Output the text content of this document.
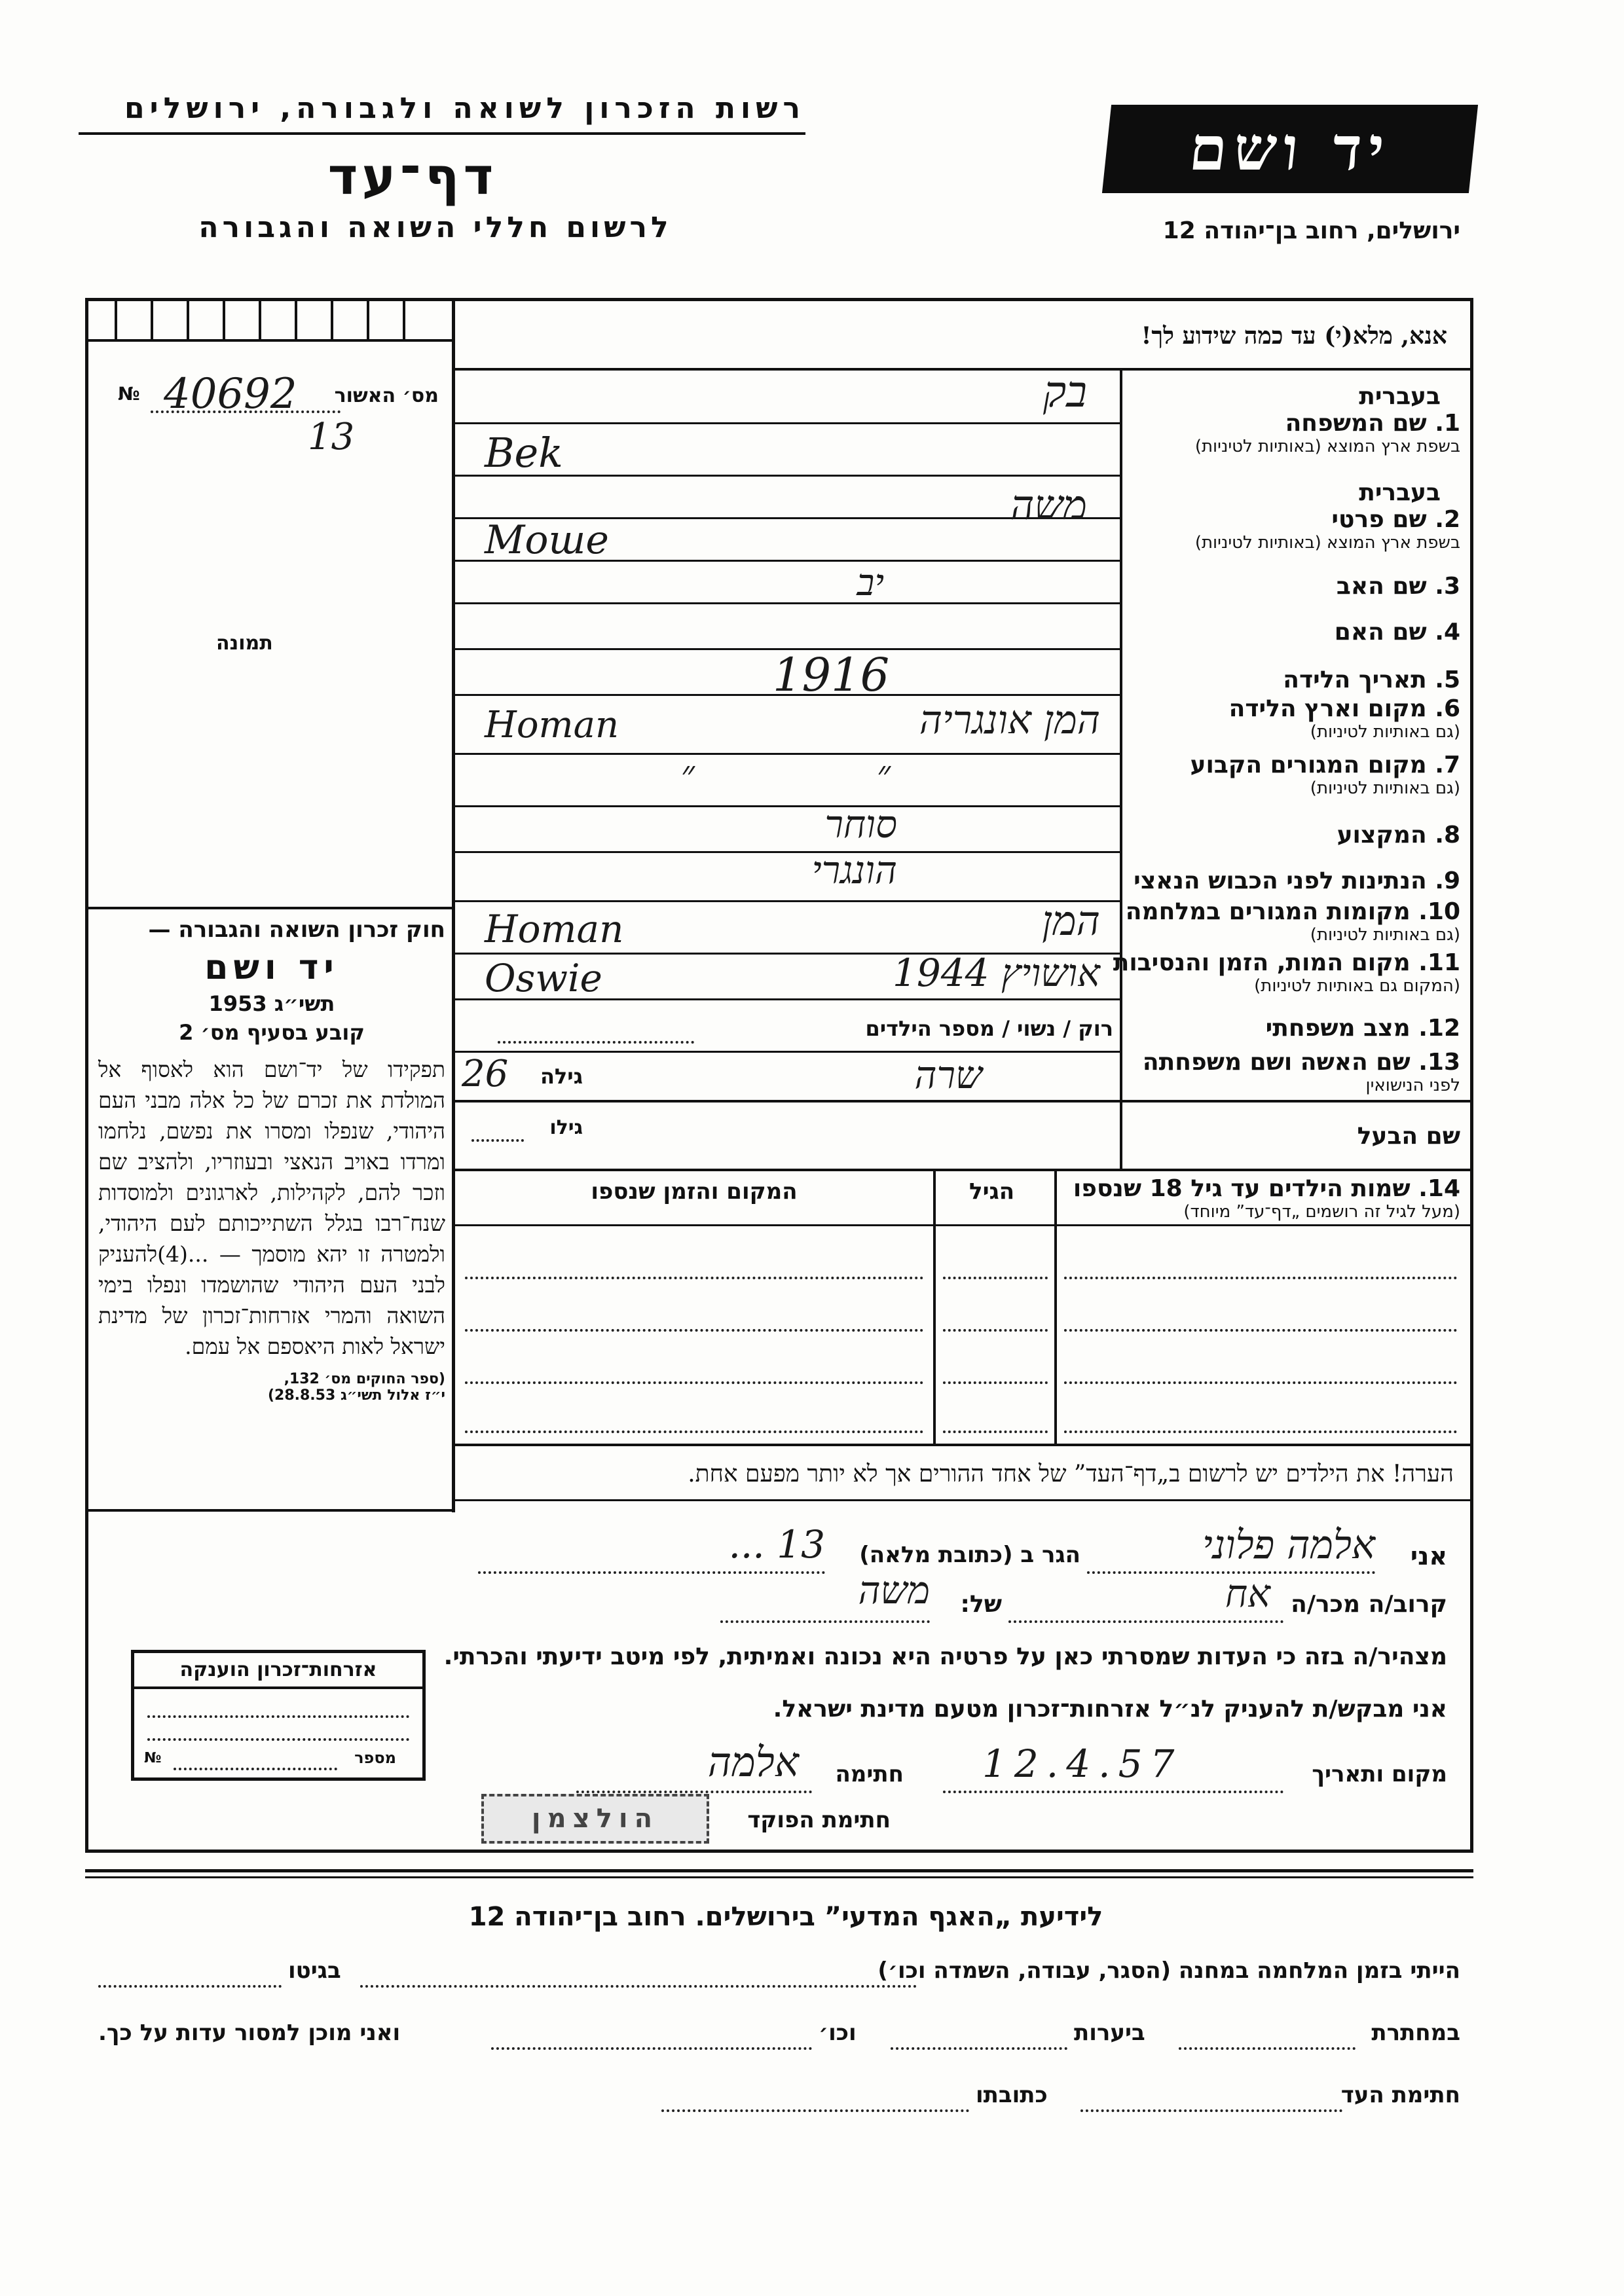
רשות הזכרון לשואה ולגבורה, ירושלים
דף־עד
לרשום חללי השואה והגבורה
יד ושם
ירושלים, רחוב בן־יהודה 12
אנא, מלא(י) עד כמה שידוע לך!
№ 40692 מס׳ האשור
13
תמונה
בעברית
1. שם המשפחה
בשפת ארץ המוצא (באותיות לטיניות)
בק
Bek
בעברית
2. שם פרטי
בשפת ארץ המוצא (באותיות לטיניות)
משה
Moше
3. שם האב
יב
4. שם האם
5. תאריך הלידה
1916
6. מקום וארץ הלידה
(גם באותיות לטיניות)
המן אונגריה
Homan
7. מקום המגורים הקבוע
(גם באותיות לטיניות)
״ ״
8. המקצוע
סוחר
9. הנתינות לפני הכבוש הנאצי
הונגרי
10. מקומות המגורים במלחמה
(גם באותיות לטיניות)
המן
Homan
11. מקום המות, הזמן והנסיבות
(המקום גם באותיות לטיניות)
אושויץ 1944
Oswie
12. מצב משפחתי
רוק / נשוי / מספר הילדים
13. שם האשה ושם משפחתה
לפני הנישואין
שרה
גילה
26
שם הבעל
גילו
14. שמות הילדים עד גיל 18 שנספו
(מעל לגיל זה רושמים „דף־עד” מיוחד)
הגיל
המקום והזמן שנספו
הערה! את הילדים יש לרשום ב„דף־העד” של אחד ההורים אך לא יותר מפעם אחת.
אני
אלמה פלוני
הגר ב (כתובת מלאה)
13 ...
קרוב/ה מכר/ה
אח
של:
משה
מצהיר/ה בזה כי העדות שמסרתי כאן על פרטיה היא נכונה ואמיתית, לפי מיטב ידיעתי והכרתי.
אני מבקש/ת להעניק לנ״ל אזרחות־זכרון מטעם מדינת ישראל.
מקום ותאריך
12.4.57
חתימה
אלמה
הולצמן	חתימת הפוקד
חוק זכרון השואה והגבורה —
יד ושם
תשי״ג 1953
קובע בסעיף מס׳ 2
תפקידו של יד־ושם הוא לאסוף אל המולדת את זכרם של כל אלה מבני העם היהודי, שנפלו ומסרו את נפשם, נלחמו ומרדו באויב הנאצי ובעוזריו, ולהציב שם וזכר להם, לקהילות, לארגונים ולמוסדות שנח־רבו בגלל השתייכותם לעם היהודי, ולמטרה זו יהא מוסמך — ...(4)להעניק לבני העם היהודי שהושמדו ונפלו בימי השואה והמרי אזרחות־זכרון של מדינת ישראל לאות היאספם אל עמם.
(ספר החוקים מס׳ 132,
י״ז אלול תשי״ג 28.8.53)
אזרחות־זכרון הוענקה
№	מספר
לידיעת „האגף המדעי” בירושלים. רחוב בן־יהודה 12
הייתי בזמן המלחמה במחנה (הסגר, עבודה, השמדה וכו׳)
בגיטו
במחתרת
ביערות
וכו׳
ואני מוכן למסור עדות על כך.
חתימת העד
כתובתו
